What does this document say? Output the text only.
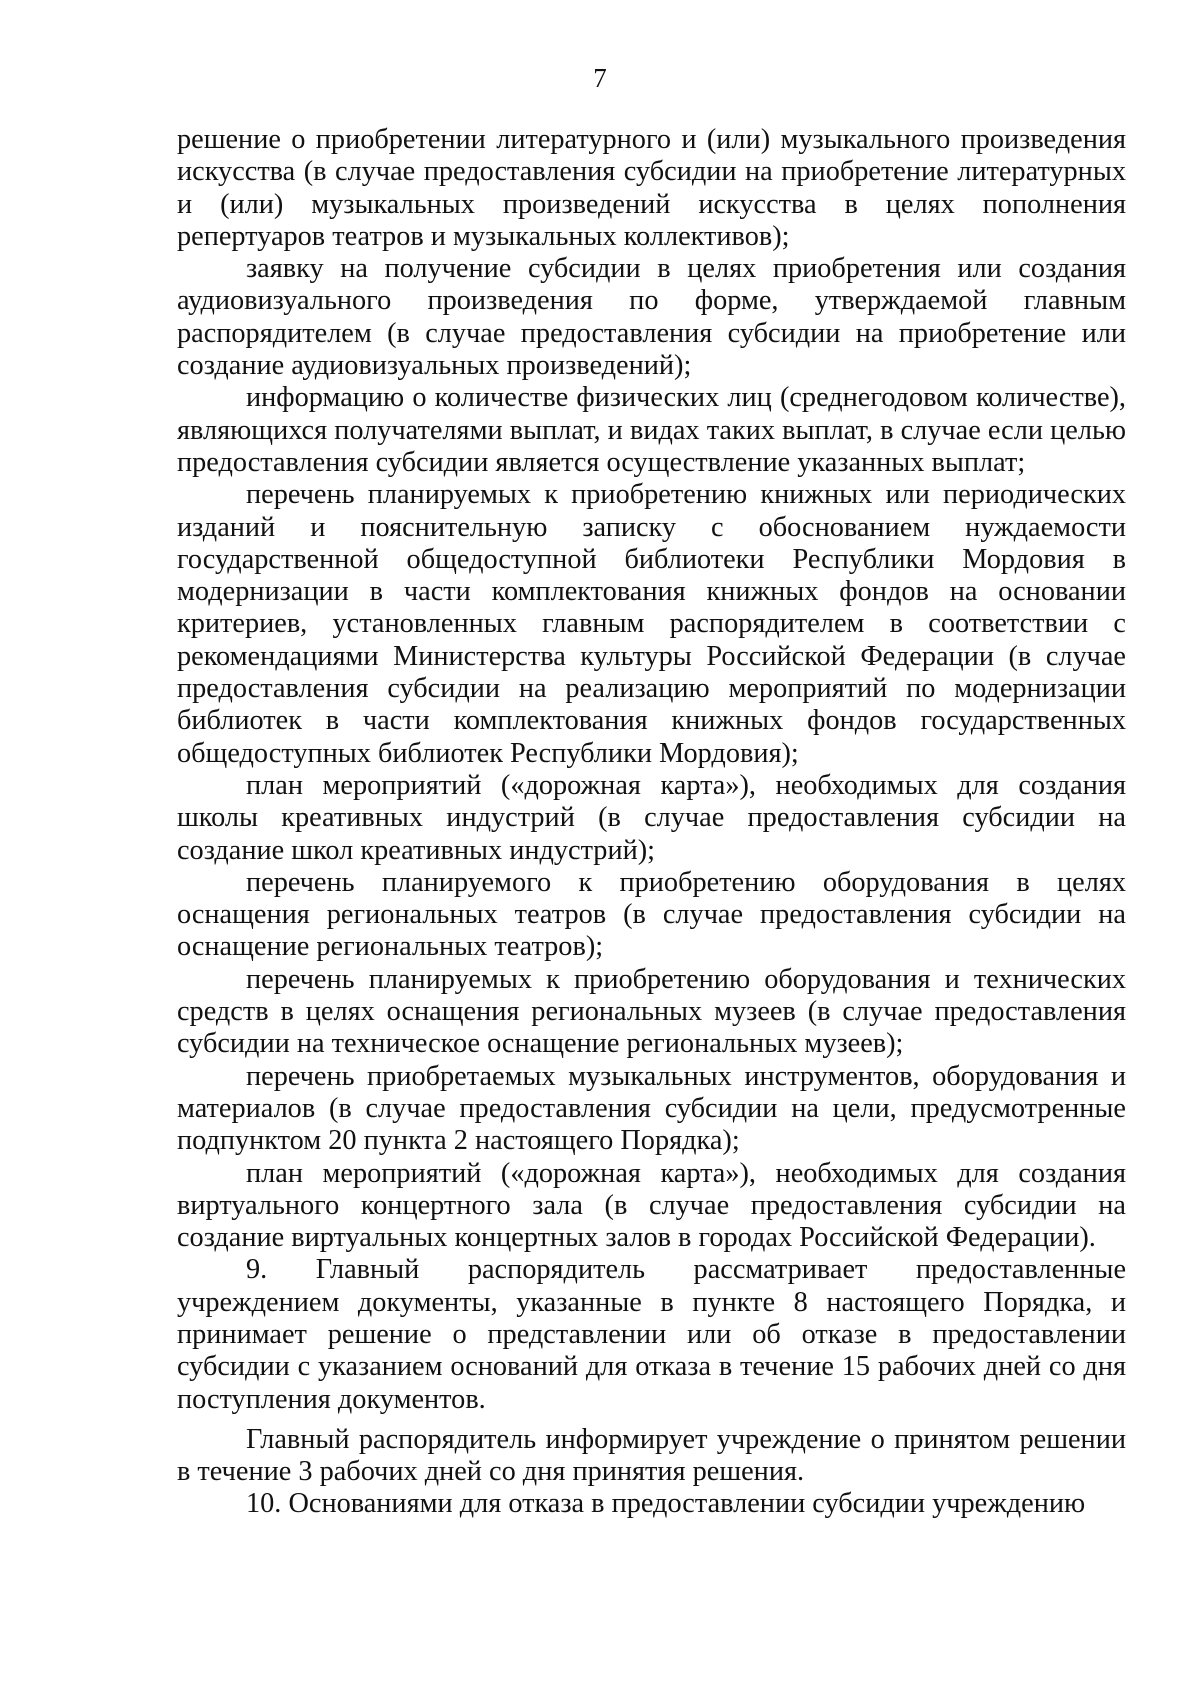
7

решение о приобретении литературного и (или) музыкального произведения искусства (в случае предоставления субсидии на приобретение литературных и (или) музыкальных произведений искусства в целях пополнения репертуаров театров и музыкальных коллективов);

заявку на получение субсидии в целях приобретения или создания аудиовизуального произведения по форме, утверждаемой главным распорядителем (в случае предоставления субсидии на приобретение или создание аудиовизуальных произведений);

информацию о количестве физических лиц (среднегодовом количестве), являющихся получателями выплат, и видах таких выплат, в случае если целью предоставления субсидии является осуществление указанных выплат;

перечень планируемых к приобретению книжных или периодических изданий и пояснительную записку с обоснованием нуждаемости государственной общедоступной библиотеки Республики Мордовия в модернизации в части комплектования книжных фондов на основании критериев, установленных главным распорядителем в соответствии с рекомендациями Министерства культуры Российской Федерации (в случае предоставления субсидии на реализацию мероприятий по модернизации библиотек в части комплектования книжных фондов государственных общедоступных библиотек Республики Мордовия);

план мероприятий («дорожная карта»), необходимых для создания школы креативных индустрий (в случае предоставления субсидии на создание школ креативных индустрий);

перечень планируемого к приобретению оборудования в целях оснащения региональных театров (в случае предоставления субсидии на оснащение региональных театров);

перечень планируемых к приобретению оборудования и технических средств в целях оснащения региональных музеев (в случае предоставления субсидии на техническое оснащение региональных музеев);

перечень приобретаемых музыкальных инструментов, оборудования и материалов (в случае предоставления субсидии на цели, предусмотренные подпунктом 20 пункта 2 настоящего Порядка);

план мероприятий («дорожная карта»), необходимых для создания виртуального концертного зала (в случае предоставления субсидии на создание виртуальных концертных залов в городах Российской Федерации).

9. Главный распорядитель рассматривает предоставленные учреждением документы, указанные в пункте 8 настоящего Порядка, и принимает решение о представлении или об отказе в предоставлении субсидии с указанием оснований для отказа в течение 15 рабочих дней со дня поступления документов.

Главный распорядитель информирует учреждение о принятом решении в течение 3 рабочих дней со дня принятия решения.

10. Основаниями для отказа в предоставлении субсидии учреждению
